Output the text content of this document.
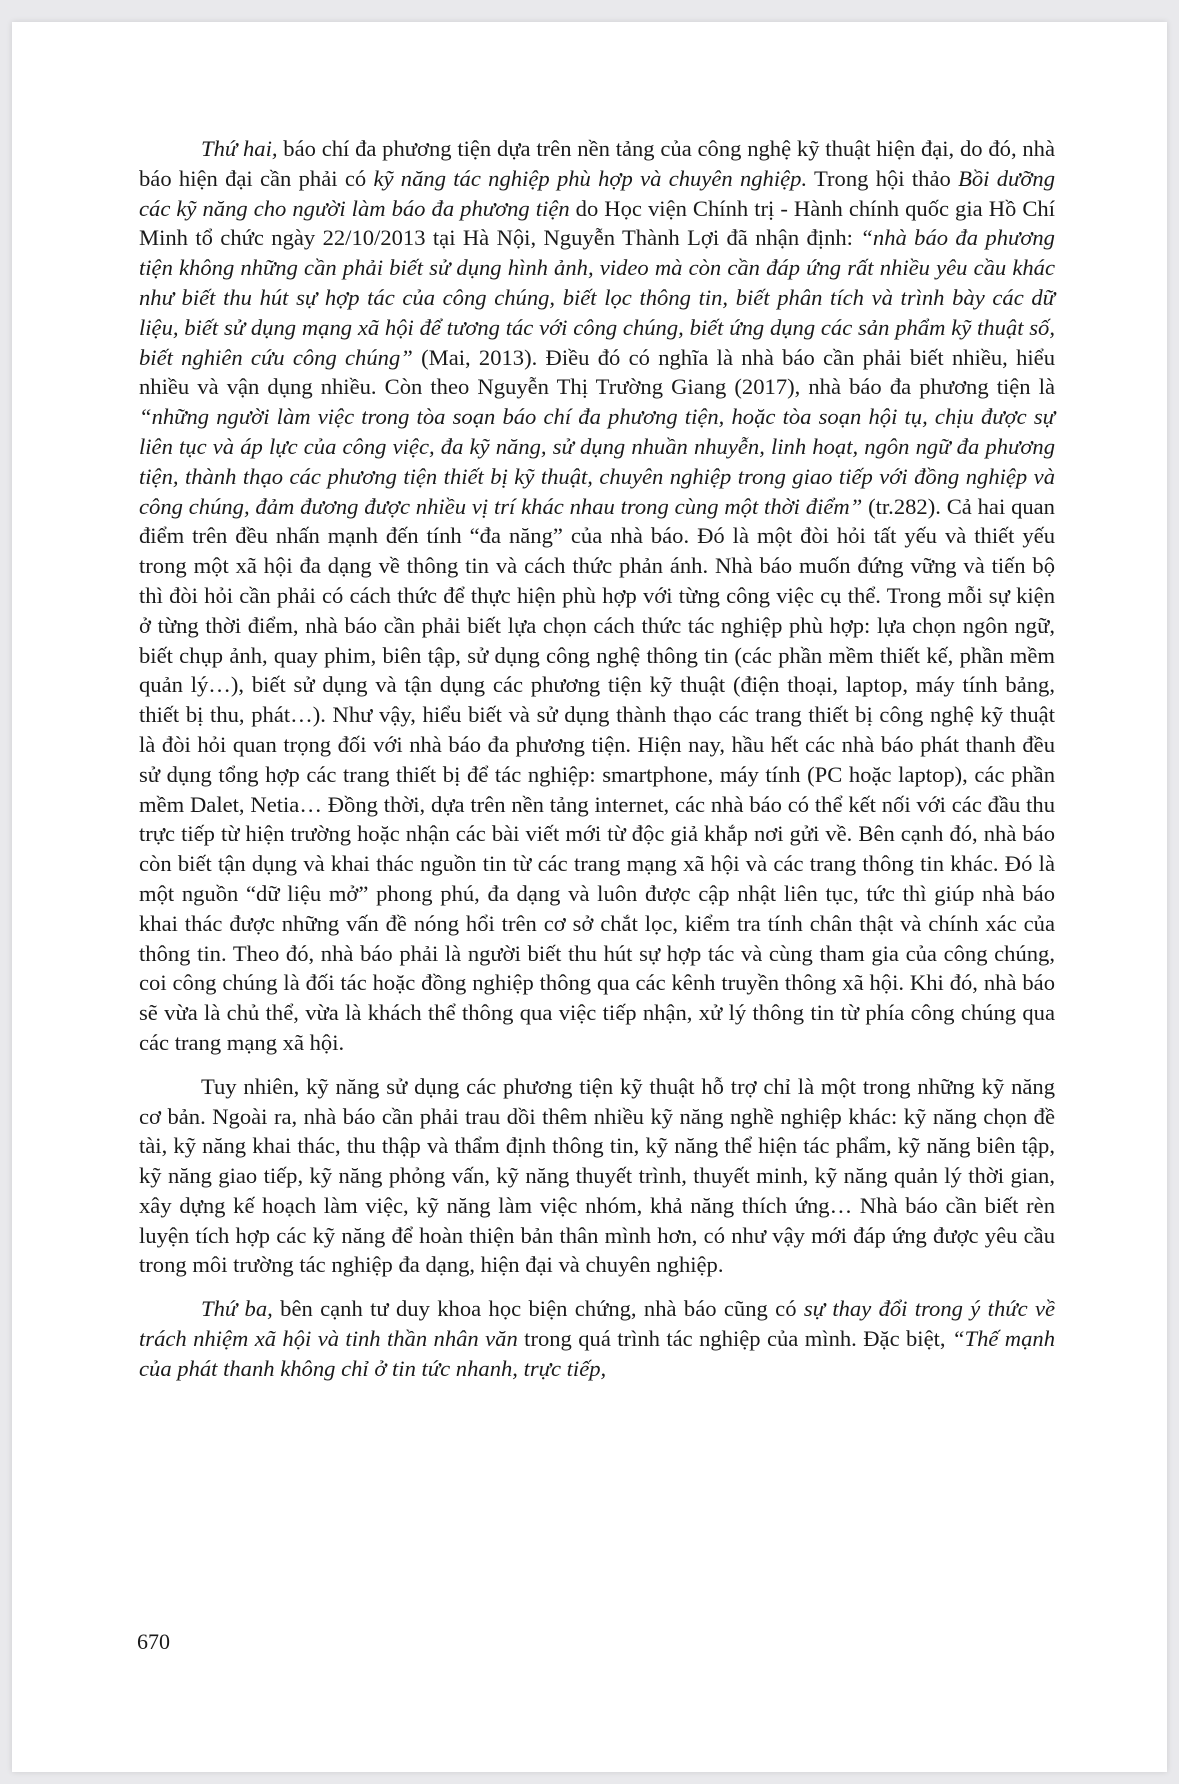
Thứ hai, báo chí đa phương tiện dựa trên nền tảng của công nghệ kỹ thuật hiện đại, do đó, nhà báo hiện đại cần phải có kỹ năng tác nghiệp phù hợp và chuyên nghiệp. Trong hội thảo Bồi dưỡng các kỹ năng cho người làm báo đa phương tiện do Học viện Chính trị - Hành chính quốc gia Hồ Chí Minh tổ chức ngày 22/10/2013 tại Hà Nội, Nguyễn Thành Lợi đã nhận định: “nhà báo đa phương tiện không những cần phải biết sử dụng hình ảnh, video mà còn cần đáp ứng rất nhiều yêu cầu khác như biết thu hút sự hợp tác của công chúng, biết lọc thông tin, biết phân tích và trình bày các dữ liệu, biết sử dụng mạng xã hội để tương tác với công chúng, biết ứng dụng các sản phẩm kỹ thuật số, biết nghiên cứu công chúng” (Mai, 2013). Điều đó có nghĩa là nhà báo cần phải biết nhiều, hiểu nhiều và vận dụng nhiều. Còn theo Nguyễn Thị Trường Giang (2017), nhà báo đa phương tiện là “những người làm việc trong tòa soạn báo chí đa phương tiện, hoặc tòa soạn hội tụ, chịu được sự liên tục và áp lực của công việc, đa kỹ năng, sử dụng nhuần nhuyễn, linh hoạt, ngôn ngữ đa phương tiện, thành thạo các phương tiện thiết bị kỹ thuật, chuyên nghiệp trong giao tiếp với đồng nghiệp và công chúng, đảm đương được nhiều vị trí khác nhau trong cùng một thời điểm” (tr.282). Cả hai quan điểm trên đều nhấn mạnh đến tính “đa năng” của nhà báo. Đó là một đòi hỏi tất yếu và thiết yếu trong một xã hội đa dạng về thông tin và cách thức phản ánh. Nhà báo muốn đứng vững và tiến bộ thì đòi hỏi cần phải có cách thức để thực hiện phù hợp với từng công việc cụ thể. Trong mỗi sự kiện ở từng thời điểm, nhà báo cần phải biết lựa chọn cách thức tác nghiệp phù hợp: lựa chọn ngôn ngữ, biết chụp ảnh, quay phim, biên tập, sử dụng công nghệ thông tin (các phần mềm thiết kế, phần mềm quản lý…), biết sử dụng và tận dụng các phương tiện kỹ thuật (điện thoại, laptop, máy tính bảng, thiết bị thu, phát…). Như vậy, hiểu biết và sử dụng thành thạo các trang thiết bị công nghệ kỹ thuật là đòi hỏi quan trọng đối với nhà báo đa phương tiện. Hiện nay, hầu hết các nhà báo phát thanh đều sử dụng tổng hợp các trang thiết bị để tác nghiệp: smartphone, máy tính (PC hoặc laptop), các phần mềm Dalet, Netia… Đồng thời, dựa trên nền tảng internet, các nhà báo có thể kết nối với các đầu thu trực tiếp từ hiện trường hoặc nhận các bài viết mới từ độc giả khắp nơi gửi về. Bên cạnh đó, nhà báo còn biết tận dụng và khai thác nguồn tin từ các trang mạng xã hội và các trang thông tin khác. Đó là một nguồn “dữ liệu mở” phong phú, đa dạng và luôn được cập nhật liên tục, tức thì giúp nhà báo khai thác được những vấn đề nóng hổi trên cơ sở chắt lọc, kiểm tra tính chân thật và chính xác của thông tin. Theo đó, nhà báo phải là người biết thu hút sự hợp tác và cùng tham gia của công chúng, coi công chúng là đối tác hoặc đồng nghiệp thông qua các kênh truyền thông xã hội. Khi đó, nhà báo sẽ vừa là chủ thể, vừa là khách thể thông qua việc tiếp nhận, xử lý thông tin từ phía công chúng qua các trang mạng xã hội.

Tuy nhiên, kỹ năng sử dụng các phương tiện kỹ thuật hỗ trợ chỉ là một trong những kỹ năng cơ bản. Ngoài ra, nhà báo cần phải trau dồi thêm nhiều kỹ năng nghề nghiệp khác: kỹ năng chọn đề tài, kỹ năng khai thác, thu thập và thẩm định thông tin, kỹ năng thể hiện tác phẩm, kỹ năng biên tập, kỹ năng giao tiếp, kỹ năng phỏng vấn, kỹ năng thuyết trình, thuyết minh, kỹ năng quản lý thời gian, xây dựng kế hoạch làm việc, kỹ năng làm việc nhóm, khả năng thích ứng… Nhà báo cần biết rèn luyện tích hợp các kỹ năng để hoàn thiện bản thân mình hơn, có như vậy mới đáp ứng được yêu cầu trong môi trường tác nghiệp đa dạng, hiện đại và chuyên nghiệp.

Thứ ba, bên cạnh tư duy khoa học biện chứng, nhà báo cũng có sự thay đổi trong ý thức về trách nhiệm xã hội và tinh thần nhân văn trong quá trình tác nghiệp của mình. Đặc biệt, “Thế mạnh của phát thanh không chỉ ở tin tức nhanh, trực tiếp,

670
